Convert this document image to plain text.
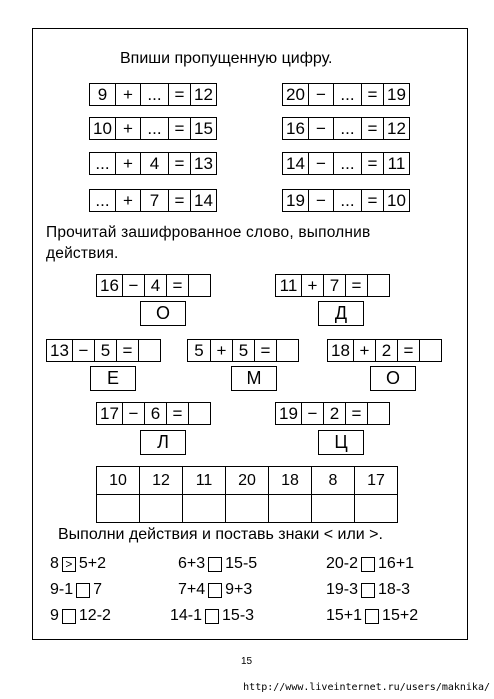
Впиши пропущенную цифру.
9 + ... = 12
10 + ... = 15
... + 4 = 13
... + 7 = 14
20 − ... = 19
16 − ... = 12
14 − ... = 11
19 − ... = 10
Прочитай зашифрованное слово, выполнив
действия.
16 − 4 =
О
11 + 7 =
Д
13 − 5 =
Е
5 + 5 =
М
18 + 2 =
О
17 − 6 =
Л
19 − 2 =
Ц
10	12	11	20	18	8	17

Выполни действия и поставь знаки < или >.
8 > 5+2	6+3 15-5	20-2 16+1
9-1 7	7+4 9+3	19-3 18-3
9 12-2	14-1 15-3	15+1 15+2
15
http://www.liveinternet.ru/users/maknika/
